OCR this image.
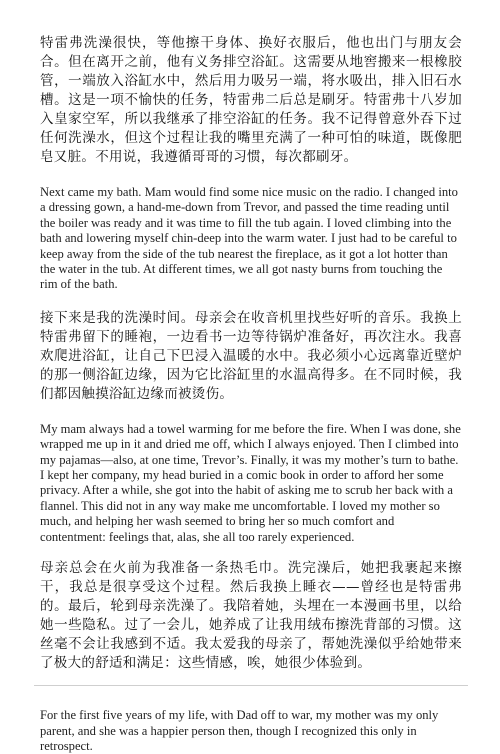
特雷弗洗澡很快，等他擦干身体、换好衣服后，他也出门与朋友会合。但在离开之前，他有义务排空浴缸。这需要从地窖搬来一根橡胶管，一端放入浴缸水中，然后用力吸另一端，将水吸出，排入旧石水槽。这是一项不愉快的任务，特雷弗二后总是刷牙。特雷弗十八岁加入皇家空军，所以我继承了排空浴缸的任务。我不记得曾意外吞下过任何洗澡水，但这个过程让我的嘴里充满了一种可怕的味道，既像肥皂又脏。不用说，我遵循哥哥的习惯，每次都刷牙。

Next came my bath. Mam would find some nice music on the radio. I changed into a dressing gown, a hand-me-down from Trevor, and passed the time reading until the boiler was ready and it was time to fill the tub again. I loved climbing into the bath and lowering myself chin-deep into the warm water. I just had to be careful to keep away from the side of the tub nearest the fireplace, as it got a lot hotter than the water in the tub. At different times, we all got nasty burns from touching the rim of the bath.

接下来是我的洗澡时间。母亲会在收音机里找些好听的音乐。我换上特雷弗留下的睡袍，一边看书一边等待锅炉准备好，再次注水。我喜欢爬进浴缸，让自己下巴浸入温暖的水中。我必须小心远离靠近壁炉的那一侧浴缸边缘，因为它比浴缸里的水温高得多。在不同时候，我们都因触摸浴缸边缘而被烫伤。

My mam always had a towel warming for me before the fire. When I was done, she wrapped me up in it and dried me off, which I always enjoyed. Then I climbed into my pajamas—also, at one time, Trevor’s. Finally, it was my mother’s turn to bathe. I kept her company, my head buried in a comic book in order to afford her some privacy. After a while, she got into the habit of asking me to scrub her back with a flannel. This did not in any way make me uncomfortable. I loved my mother so much, and helping her wash seemed to bring her so much comfort and contentment: feelings that, alas, she all too rarely experienced.

母亲总会在火前为我准备一条热毛巾。洗完澡后，她把我裹起来擦干，我总是很享受这个过程。然后我换上睡衣——曾经也是特雷弗的。最后，轮到母亲洗澡了。我陪着她，头埋在一本漫画书里，以给她一些隐私。过了一会儿，她养成了让我用绒布擦洗背部的习惯。这丝毫不会让我感到不适。我太爱我的母亲了，帮她洗澡似乎给她带来了极大的舒适和满足：这些情感，唉，她很少体验到。

For the first five years of my life, with Dad off to war, my mother was my only parent, and she was a happier person then, though I recognized this only in retrospect.
